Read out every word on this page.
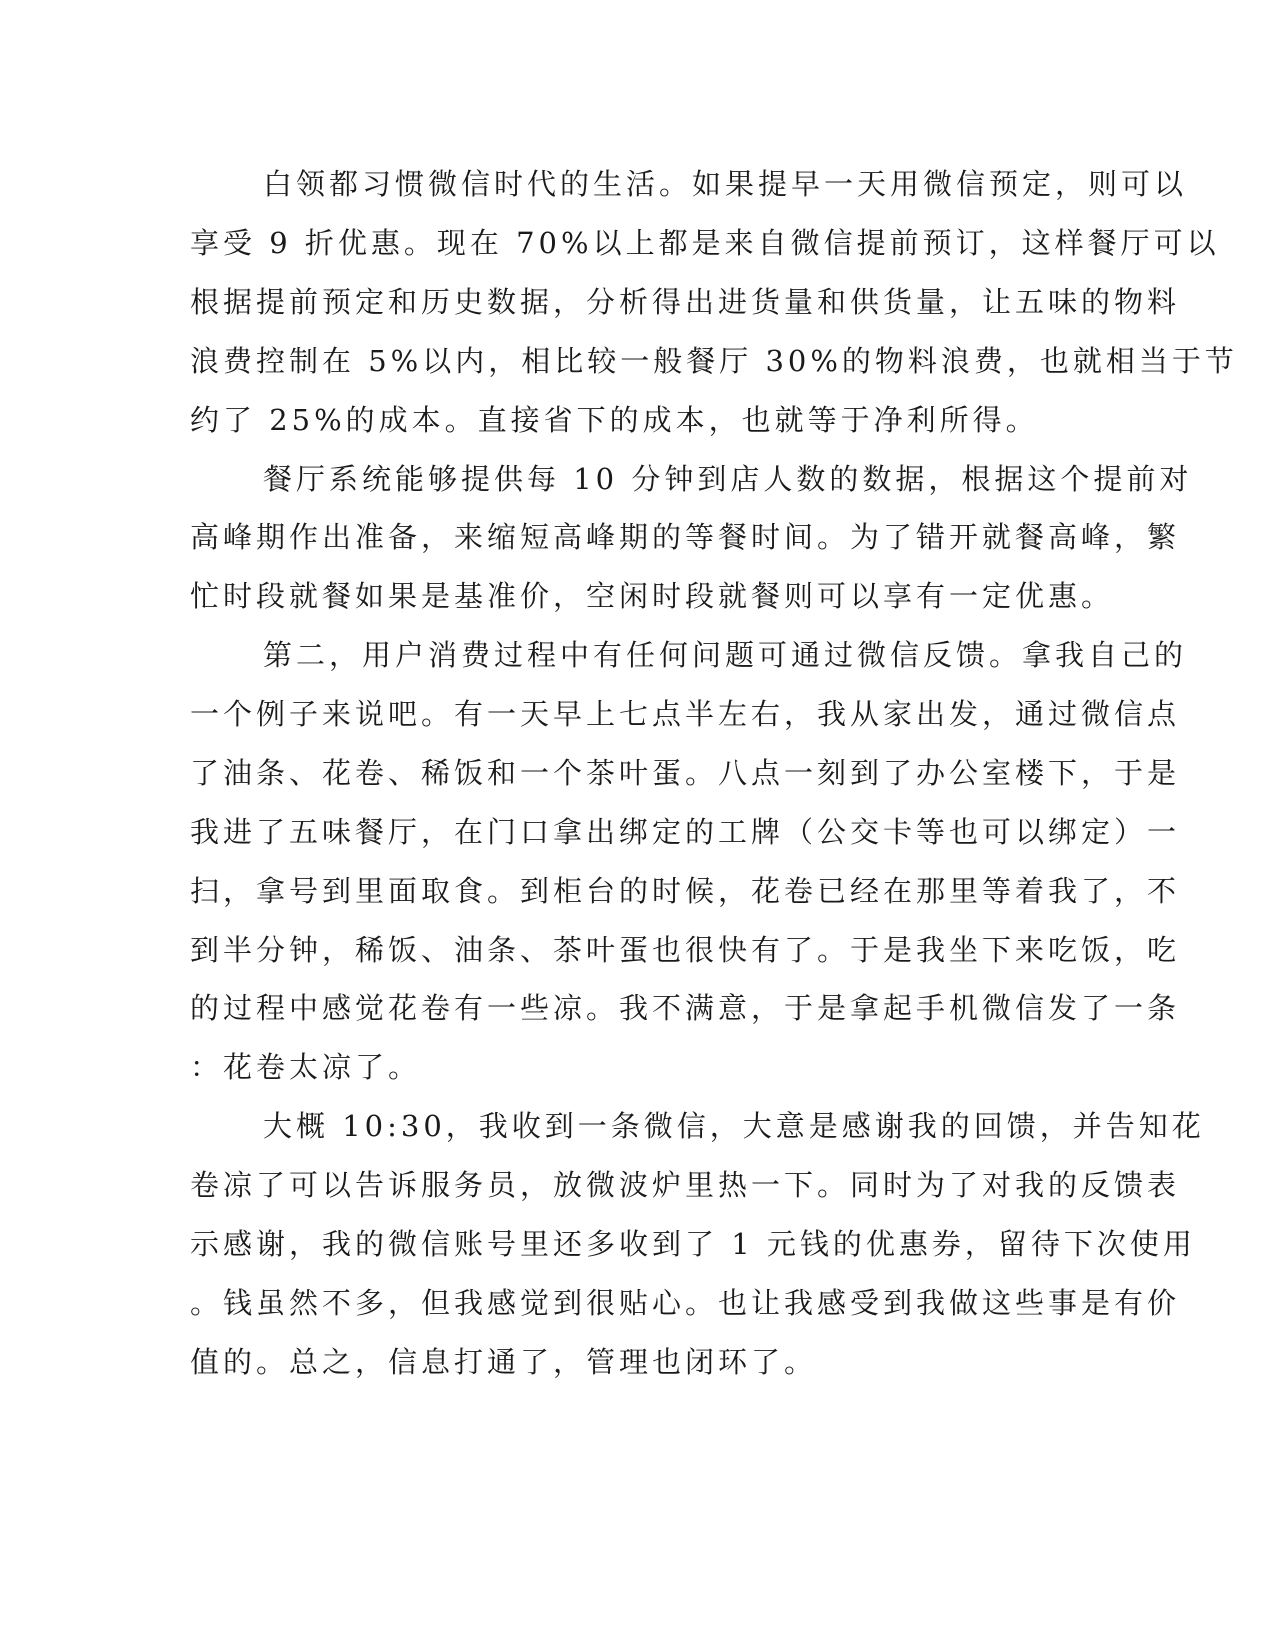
白领都习惯微信时代的生活。如果提早一天用微信预定，则可以
享受 9 折优惠。现在 70%以上都是来自微信提前预订，这样餐厅可以
根据提前预定和历史数据，分析得出进货量和供货量，让五味的物料
浪费控制在 5%以内，相比较一般餐厅 30%的物料浪费，也就相当于节
约了 25%的成本。直接省下的成本，也就等于净利所得。
餐厅系统能够提供每 10 分钟到店人数的数据，根据这个提前对
高峰期作出准备，来缩短高峰期的等餐时间。为了错开就餐高峰，繁
忙时段就餐如果是基准价，空闲时段就餐则可以享有一定优惠。
第二，用户消费过程中有任何问题可通过微信反馈。拿我自己的
一个例子来说吧。有一天早上七点半左右，我从家出发，通过微信点
了油条、花卷、稀饭和一个茶叶蛋。八点一刻到了办公室楼下，于是
我进了五味餐厅，在门口拿出绑定的工牌（公交卡等也可以绑定）一
扫，拿号到里面取食。到柜台的时候，花卷已经在那里等着我了，不
到半分钟，稀饭、油条、茶叶蛋也很快有了。于是我坐下来吃饭，吃
的过程中感觉花卷有一些凉。我不满意，于是拿起手机微信发了一条
：花卷太凉了。
大概 10:30，我收到一条微信，大意是感谢我的回馈，并告知花
卷凉了可以告诉服务员，放微波炉里热一下。同时为了对我的反馈表
示感谢，我的微信账号里还多收到了 1 元钱的优惠券，留待下次使用
。钱虽然不多，但我感觉到很贴心。也让我感受到我做这些事是有价
值的。总之，信息打通了，管理也闭环了。
